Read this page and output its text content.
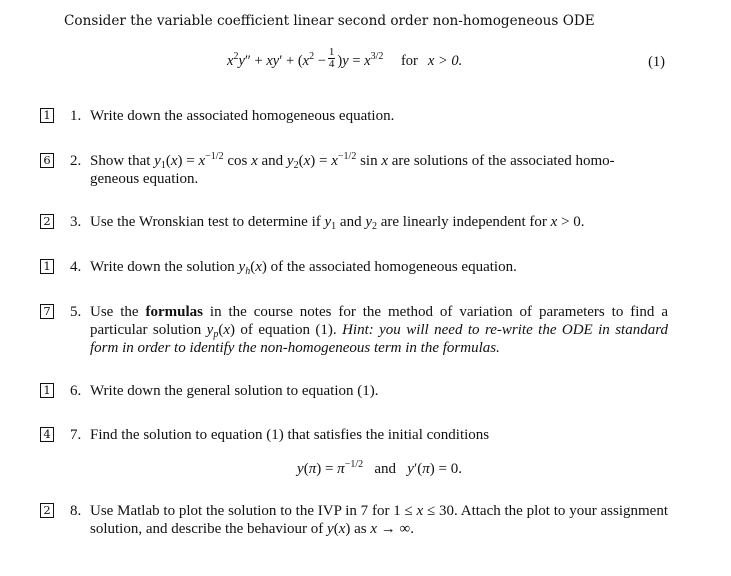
Consider the variable coefficient linear second order non-homogeneous ODE
$x^2y'' + xy' + (x^2 - \frac{1}{4} )y = x^{3/2}$ for x > 0.	(1)
1 1. Write down the associated homogeneous equation.
6 2. Show that $y_1(x) = x^{-1/2}$ cos x and $y_2(x) = x^{-1/2}$ sin x are solutions of the associated homo-
geneous equation.
2 3. Use the Wronskian test to determine if $y_1$ and $y_2$ are linearly independent for x > 0.
1 4. Write down the solution $y_h(x)$ of the associated homogeneous equation.
7 5. Use the formulas in the course notes for the method of variation of parameters to find a particular solution $y_p(x)$ of equation (1). Hint: you will need to re-write the ODE in standard form in order to identify the non-homogeneous term in the formulas.
1 6. Write down the general solution to equation (1).
4 7. Find the solution to equation (1) that satisfies the initial conditions
$y(\pi) = \pi^{-1/2}$ and y′(π) = 0.
2 8. Use Matlab to plot the solution to the IVP in 7 for 1 ≤ x ≤ 30. Attach the plot to your assignment solution, and describe the behaviour of y(x) as x → ∞.
